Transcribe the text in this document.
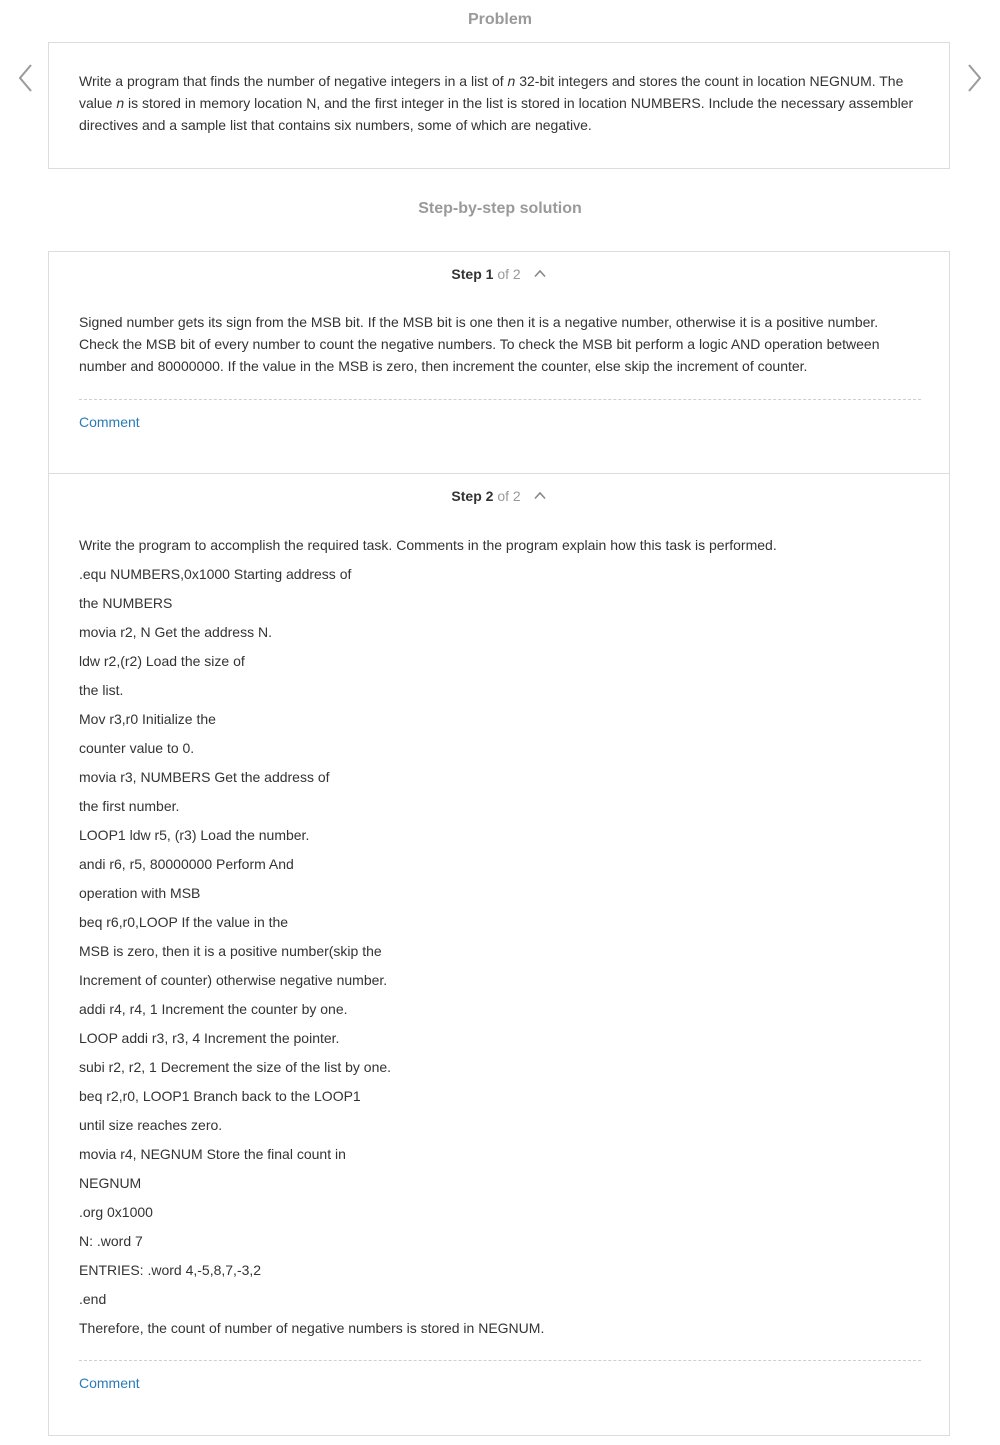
Problem
Write a program that finds the number of negative integers in a list of n 32-bit integers and stores the count in location NEGNUM. The value n is stored in memory location N, and the first integer in the list is stored in location NUMBERS. Include the necessary assembler directives and a sample list that contains six numbers, some of which are negative.
Step-by-step solution
Step 1 of 2
Signed number gets its sign from the MSB bit. If the MSB bit is one then it is a negative number, otherwise it is a positive number. Check the MSB bit of every number to count the negative numbers. To check the MSB bit perform a logic AND operation between number and 80000000. If the value in the MSB is zero, then increment the counter, else skip the increment of counter.
Comment
Step 2 of 2
Write the program to accomplish the required task. Comments in the program explain how this task is performed.
.equ NUMBERS,0x1000 Starting address of
the NUMBERS
movia r2, N Get the address N.
ldw r2,(r2) Load the size of
the list.
Mov r3,r0 Initialize the
counter value to 0.
movia r3, NUMBERS Get the address of
the first number.
LOOP1 ldw r5, (r3) Load the number.
andi r6, r5, 80000000 Perform And
operation with MSB
beq r6,r0,LOOP If the value in the
MSB is zero, then it is a positive number(skip the
Increment of counter) otherwise negative number.
addi r4, r4, 1 Increment the counter by one.
LOOP addi r3, r3, 4 Increment the pointer.
subi r2, r2, 1 Decrement the size of the list by one.
beq r2,r0, LOOP1 Branch back to the LOOP1
until size reaches zero.
movia r4, NEGNUM Store the final count in
NEGNUM
.org 0x1000
N: .word 7
ENTRIES: .word 4,-5,8,7,-3,2
.end
Therefore, the count of number of negative numbers is stored in NEGNUM.
Comment
